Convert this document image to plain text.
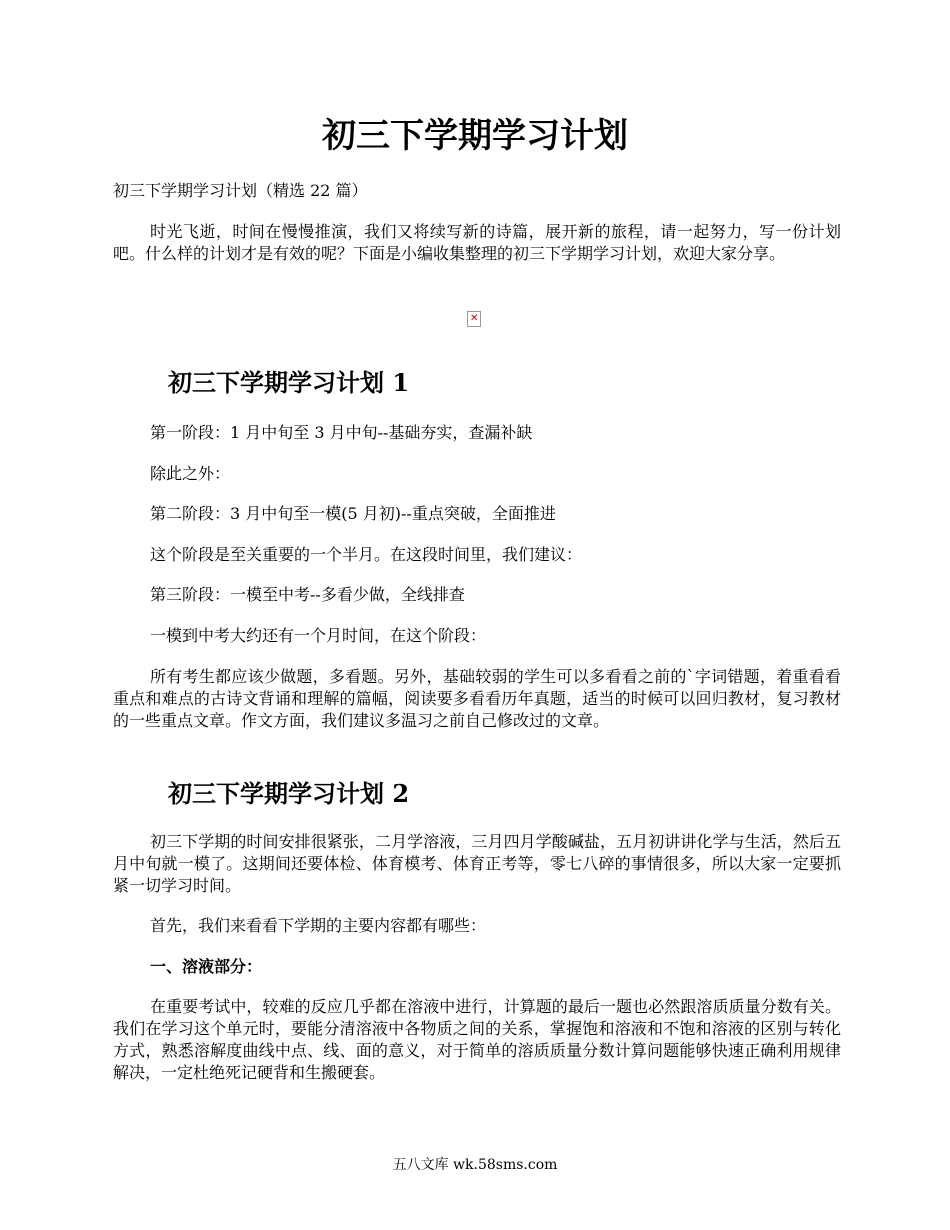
初三下学期学习计划

初三下学期学习计划（精选 22 篇）

时光飞逝，时间在慢慢推演，我们又将续写新的诗篇，展开新的旅程，请一起努力，写一份计划吧。什么样的计划才是有效的呢？下面是小编收集整理的初三下学期学习计划，欢迎大家分享。

✕
初三下学期学习计划 1

第一阶段：1 月中旬至 3 月中旬--基础夯实，查漏补缺

除此之外：

第二阶段：3 月中旬至一模(5 月初)--重点突破，全面推进

这个阶段是至关重要的一个半月。在这段时间里，我们建议：

第三阶段：一模至中考--多看少做，全线排查

一模到中考大约还有一个月时间，在这个阶段：

所有考生都应该少做题，多看题。另外，基础较弱的学生可以多看看之前的`字词错题，着重看看重点和难点的古诗文背诵和理解的篇幅，阅读要多看看历年真题，适当的时候可以回归教材，复习教材的一些重点文章。作文方面，我们建议多温习之前自己修改过的文章。

初三下学期学习计划 2

初三下学期的时间安排很紧张，二月学溶液，三月四月学酸碱盐，五月初讲讲化学与生活，然后五月中旬就一模了。这期间还要体检、体育模考、体育正考等，零七八碎的事情很多，所以大家一定要抓紧一切学习时间。

首先，我们来看看下学期的主要内容都有哪些：

一、溶液部分：

在重要考试中，较难的反应几乎都在溶液中进行，计算题的最后一题也必然跟溶质质量分数有关。我们在学习这个单元时，要能分清溶液中各物质之间的关系，掌握饱和溶液和不饱和溶液的区别与转化方式，熟悉溶解度曲线中点、线、面的意义，对于简单的溶质质量分数计算问题能够快速正确利用规律解决，一定杜绝死记硬背和生搬硬套。

五八文库 wk.58sms.com
